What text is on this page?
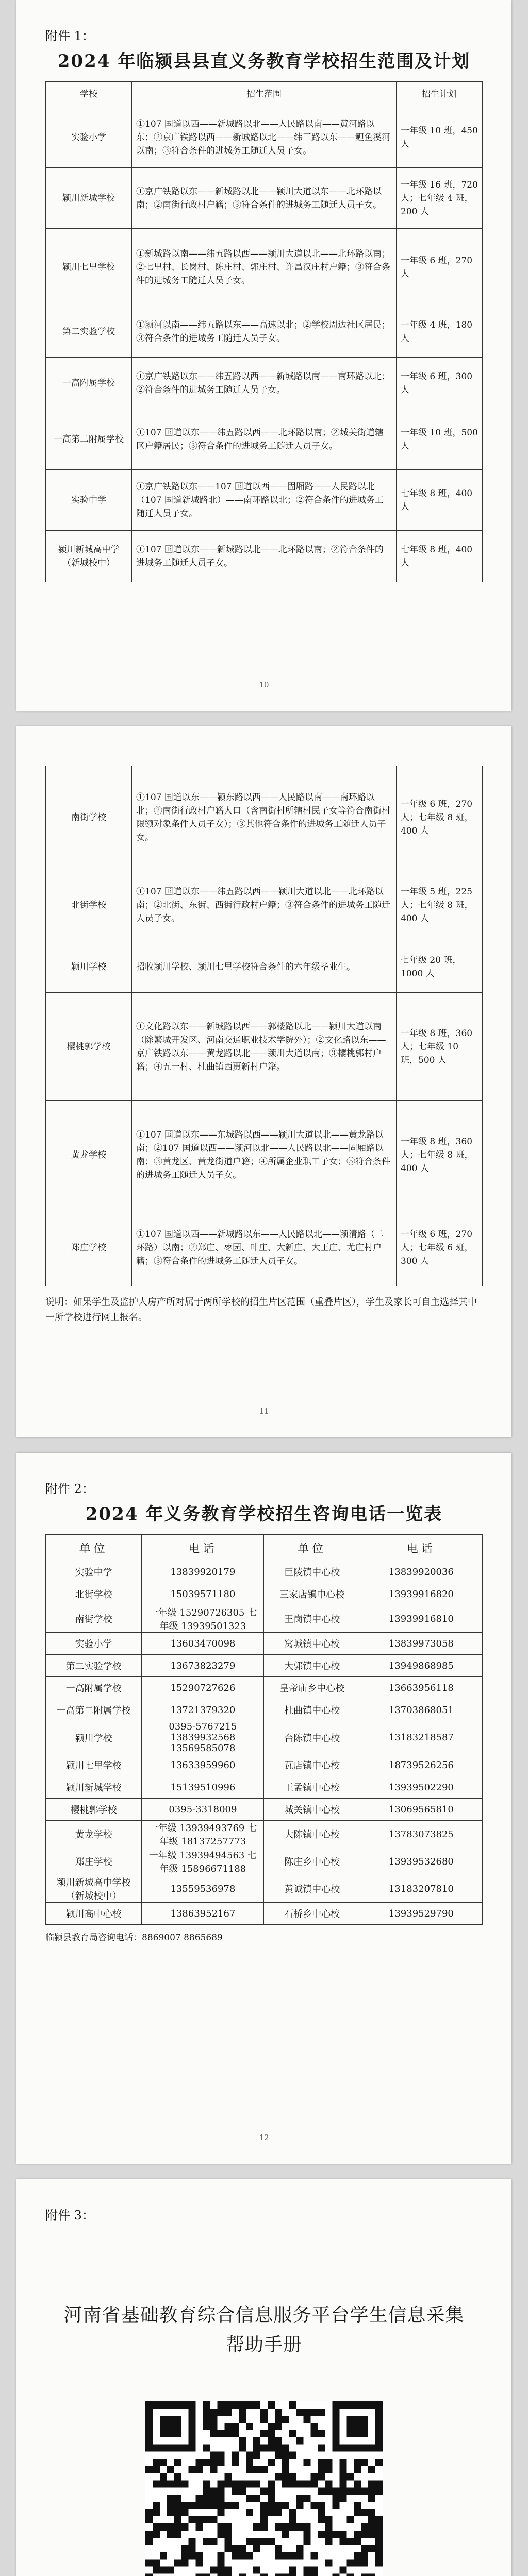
附件 1：
2024 年临颍县县直义务教育学校招生范围及计划
学校	招生范围	招生计划
实验小学	①107 国道以西——新城路以北——人民路以南——黄河路以东；②京广铁路以西——新城路以北——纬三路以东——鲤鱼溪河以南；③符合条件的进城务工随迁人员子女。	一年级 10 班，450 人
颍川新城学校	①京广铁路以东——新城路以北——颍川大道以东——北环路以南；②南街行政村户籍；③符合条件的进城务工随迁人员子女。	一年级 16 班，720 人；七年级 4 班，200 人
颍川七里学校	①新城路以南——纬五路以西——颍川大道以北——北环路以南；②七里村、长岗村、陈庄村、郭庄村、许昌汉庄村户籍；③符合条件的进城务工随迁人员子女。	一年级 6 班，270 人
第二实验学校	①颍河以南——纬五路以东——高速以北；②学校周边社区居民；③符合条件的进城务工随迁人员子女。	一年级 4 班，180 人
一高附属学校	①京广铁路以东——纬五路以西——新城路以南——南环路以北；②符合条件的进城务工随迁人员子女。	一年级 6 班，300 人
一高第二附属学校	①107 国道以东——纬五路以西——北环路以南；②城关街道辖区户籍居民；③符合条件的进城务工随迁人员子女。	一年级 10 班，500 人
实验中学	①京广铁路以东——107 国道以西——固厢路——人民路以北（107 国道新城路北）——南环路以北；②符合条件的进城务工随迁人员子女。	七年级 8 班，400 人
颍川新城高中学（新城校中）	①107 国道以东——新城路以北——北环路以南；②符合条件的进城务工随迁人员子女。	七年级 8 班，400 人
10
南街学校	①107 国道以东——颍东路以西——人民路以南——南环路以北；②南街行政村户籍人口（含南街村所辖村民子女等符合南街村限额对象条件人员子女）；③其他符合条件的进城务工随迁人员子女。	一年级 6 班，270 人；七年级 8 班，400 人
北街学校	①107 国道以东——纬五路以西——颍川大道以北——北环路以南；②北街、东街、西街行政村户籍；③符合条件的进城务工随迁人员子女。	一年级 5 班，225 人；七年级 8 班，400 人
颍川学校	招收颍川学校、颍川七里学校符合条件的六年级毕业生。	七年级 20 班，1000 人
樱桃郭学校	①文化路以东——新城路以西——郭楼路以北——颍川大道以南（除繁城开发区、河南交通职业技术学院外）；②文化路以东——京广铁路以东——黄龙路以北——颍川大道以南；③樱桃郭村户籍；④五一村、杜曲镇西贾新村户籍。	一年级 8 班，360 人；七年级 10 班，500 人
黄龙学校	①107 国道以东——东城路以西——颍川大道以北——黄龙路以南；②107 国道以西——颍河以北——人民路以北——固厢路以南；③黄龙区、黄龙街道户籍；④所属企业职工子女；⑤符合条件的进城务工随迁人员子女。	一年级 8 班，360 人；七年级 8 班，400 人
郑庄学校	①107 国道以西——新城路以东——人民路以北——颍清路（二环路）以南；②郑庄、枣园、叶庄、大新庄、大王庄、尤庄村户籍；③符合条件的进城务工随迁人员子女。	一年级 6 班，270 人；七年级 6 班，300 人
说明：如果学生及监护人房产所对属于两所学校的招生片区范围（重叠片区），学生及家长可自主选择其中一所学校进行网上报名。
11
附件 2：
2024 年义务教育学校招生咨询电话一览表
单位	电话	单位	电话
实验中学	13839920179	巨陵镇中心校	13839920036
北街学校	15039571180	三家店镇中心校	13939916820
南街学校	一年级 15290726305 七年级 13939501323	王岗镇中心校	13939916810
实验小学	13603470098	窝城镇中心校	13839973058
第二实验学校	13673823279	大郭镇中心校	13949868985
一高附属学校	15290727626	皇帝庙乡中心校	13663956118
一高第二附属学校	13721379320	杜曲镇中心校	13703868051
颍川学校	0395-5767215 13839932568 13569585078	台陈镇中心校	13183218587
颍川七里学校	13633959960	瓦店镇中心校	18739526256
颍川新城学校	15139510996	王孟镇中心校	13939502290
樱桃郭学校	0395-3318009	城关镇中心校	13069565810
黄龙学校	一年级 13939493769 七年级 18137257773	大陈镇中心校	13783073825
郑庄学校	一年级 13939494563 七年级 15896671188	陈庄乡中心校	13939532680
颍川新城高中学校（新城校中）	13559536978	黄诚镇中心校	13183207810
颍川高中心校	13863952167	石桥乡中心校	13939529790
临颍县教育局咨询电话：8869007 8865689
12
附件 3：
河南省基础教育综合信息服务平台学生信息采集
帮助手册
